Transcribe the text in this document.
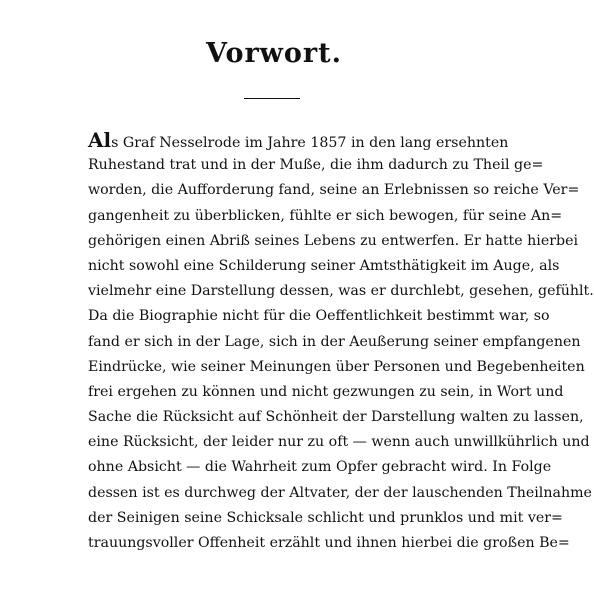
Vorwort.
Als Graf Nesselrode im Jahre 1857 in den lang ersehnten
Ruhestand trat und in der Muße, die ihm dadurch zu Theil ge=
worden, die Aufforderung fand, seine an Erlebnissen so reiche Ver=
gangenheit zu überblicken, fühlte er sich bewogen, für seine An=
gehörigen einen Abriß seines Lebens zu entwerfen. Er hatte hierbei
nicht sowohl eine Schilderung seiner Amtsthätigkeit im Auge, als
vielmehr eine Darstellung dessen, was er durchlebt, gesehen, gefühlt.
Da die Biographie nicht für die Oeffentlichkeit bestimmt war, so
fand er sich in der Lage, sich in der Aeußerung seiner empfangenen
Eindrücke, wie seiner Meinungen über Personen und Begebenheiten
frei ergehen zu können und nicht gezwungen zu sein, in Wort und
Sache die Rücksicht auf Schönheit der Darstellung walten zu lassen,
eine Rücksicht, der leider nur zu oft — wenn auch unwillkührlich und
ohne Absicht — die Wahrheit zum Opfer gebracht wird. In Folge
dessen ist es durchweg der Altvater, der der lauschenden Theilnahme
der Seinigen seine Schicksale schlicht und prunklos und mit ver=
trauungsvoller Offenheit erzählt und ihnen hierbei die großen Be=
